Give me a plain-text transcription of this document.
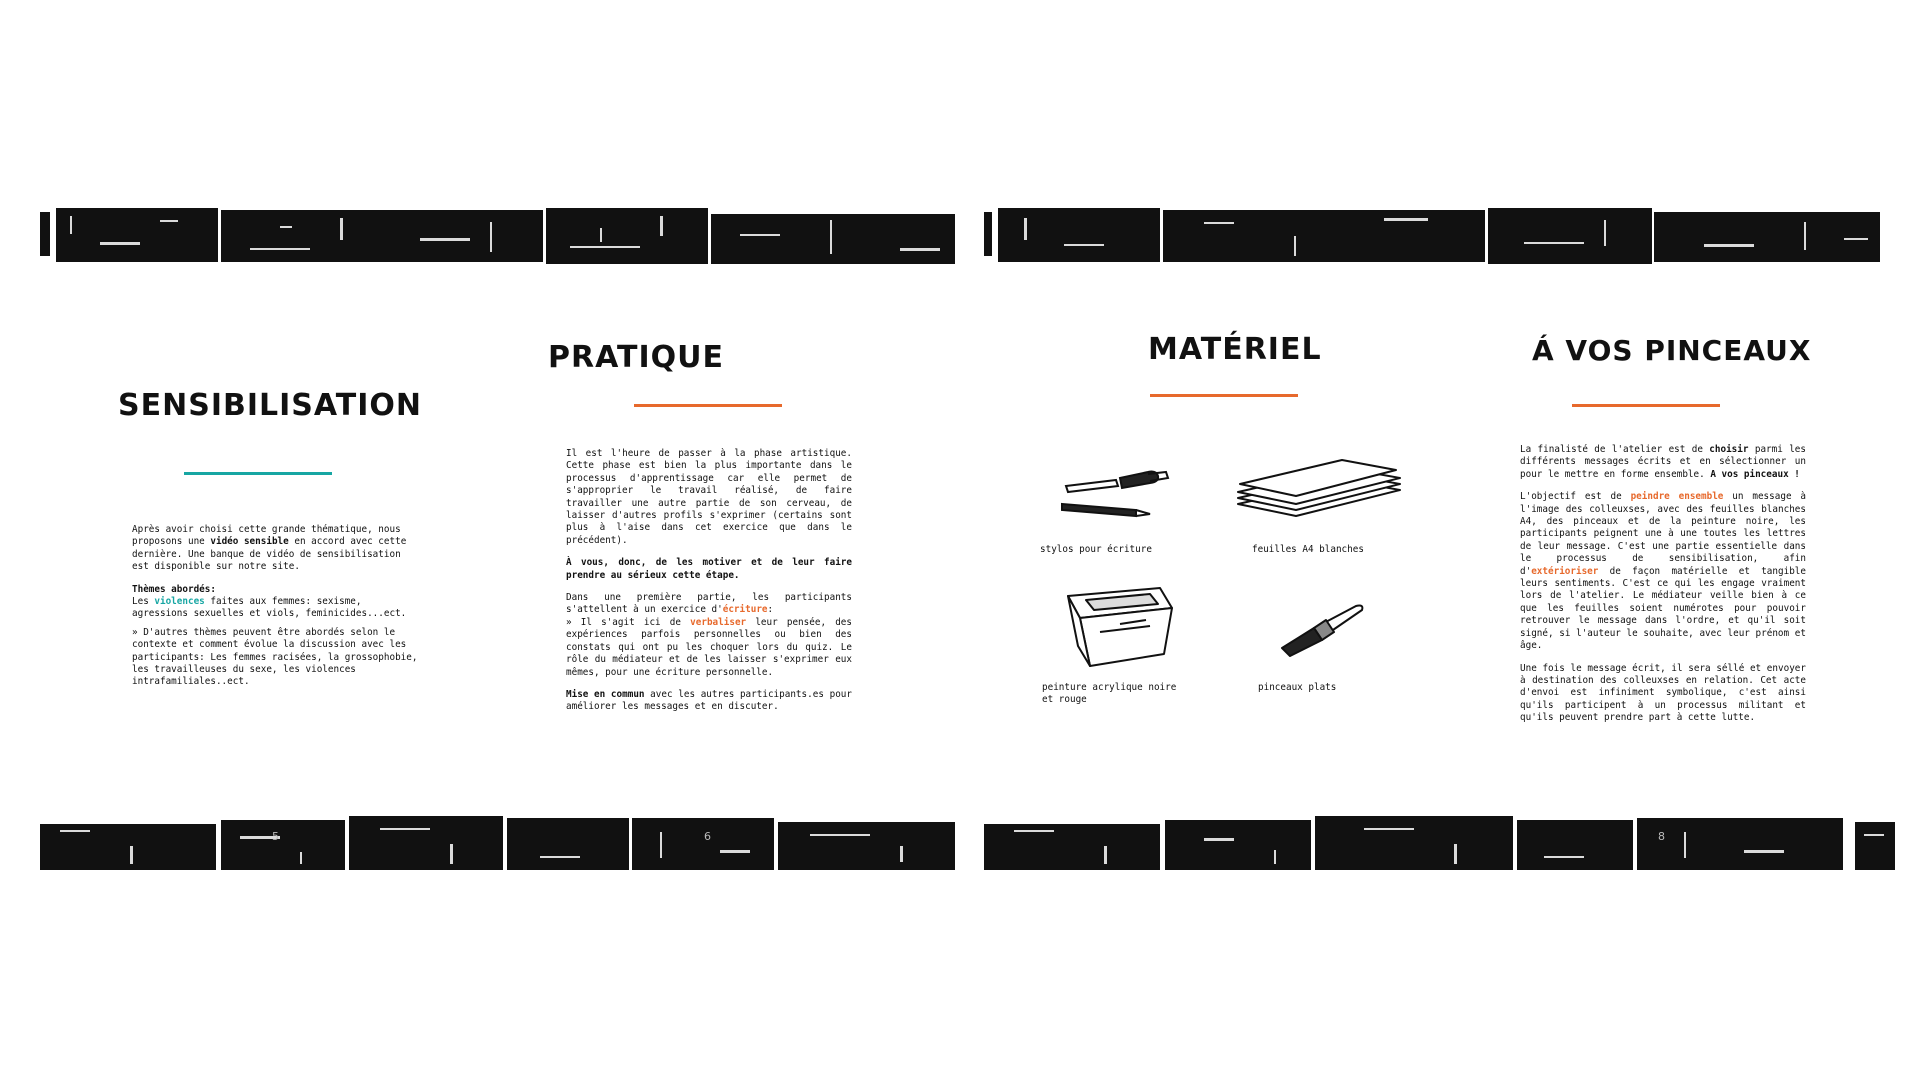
SENSIBILISATION

Après avoir choisi cette grande thématique, nous proposons une vidéo sensible en accord avec cette dernière. Une banque de vidéo de sensibilisation est disponible sur notre site.

Thèmes abordés:
Les violences faites aux femmes: sexisme, agressions sexuelles et viols, feminicides...ect.

» D'autres thèmes peuvent être abordés selon le contexte et comment évolue la discussion avec les participants: Les femmes racisées, la grossophobie, les travailleuses du sexe, les violences intrafamiliales..ect.

PRATIQUE

Il est l'heure de passer à la phase artistique. Cette phase est bien la plus importante dans le processus d'apprentissage car elle permet de s'approprier le travail réalisé, de faire travailler une autre partie de son cerveau, de laisser d'autres profils s'exprimer (certains sont plus à l'aise dans cet exercice que dans le précédent).

À vous, donc, de les motiver et de leur faire prendre au sérieux cette étape.

Dans une première partie, les participants s'attellent à un exercice d'écriture:

» Il s'agit ici de verbaliser leur pensée, des expériences parfois personnelles ou bien des constats qui ont pu les choquer lors du quiz. Le rôle du médiateur et de les laisser s'exprimer eux mêmes, pour une écriture personnelle.

Mise en commun avec les autres participants.es pour améliorer les messages et en discuter.

5	6
MATÉRIEL
stylos pour écriture	feuilles A4 blanches
peinture acrylique noire et rouge
pinceaux plats
Á VOS PINCEAUX

La finalisté de l'atelier est de choisir parmi les différents messages écrits et en sélectionner un pour le mettre en forme ensemble. A vos pinceaux !

L'objectif est de peindre ensemble un message à l'image des colleuxses, avec des feuilles blanches A4, des pinceaux et de la peinture noire, les participants peignent une à une toutes les lettres de leur message. C'est une partie essentielle dans le processus de sensibilisation, afin d'extérioriser de façon matérielle et tangible leurs sentiments. C'est ce qui les engage vraiment lors de l'atelier. Le médiateur veille bien à ce que les feuilles soient numérotes pour pouvoir retrouver le message dans l'ordre, et qu'il soit signé, si l'auteur le souhaite, avec leur prénom et âge.

Une fois le message écrit, il sera séllé et envoyer à destination des colleuxses en relation. Cet acte d'envoi est infiniment symbolique, c'est ainsi qu'ils participent à un processus militant et qu'ils peuvent prendre part à cette lutte.

8
